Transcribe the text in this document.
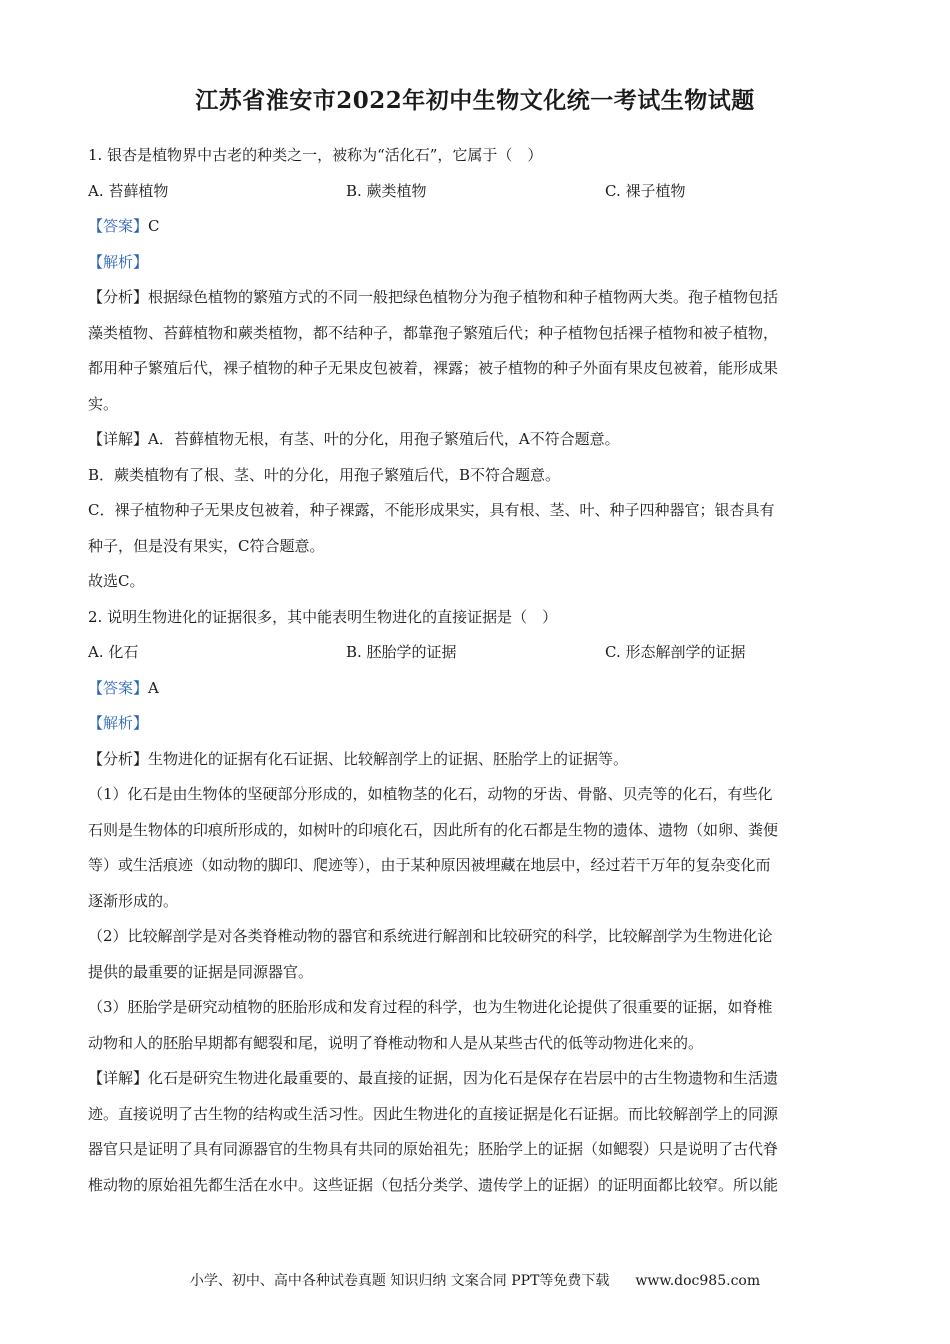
江苏省淮安市2022年初中生物文化统一考试生物试题
1. 银杏是植物界中古老的种类之一，被称为“活化石”，它属于（　）
A. 苔藓植物	B. 蕨类植物	C. 裸子植物
【答案】C
【解析】
【分析】根据绿色植物的繁殖方式的不同一般把绿色植物分为孢子植物和种子植物两大类。孢子植物包括
藻类植物、苔藓植物和蕨类植物，都不结种子，都靠孢子繁殖后代；种子植物包括裸子植物和被子植物，
都用种子繁殖后代，裸子植物的种子无果皮包被着，裸露；被子植物的种子外面有果皮包被着，能形成果
实。
【详解】A．苔藓植物无根，有茎、叶的分化，用孢子繁殖后代，A不符合题意。
B．蕨类植物有了根、茎、叶的分化，用孢子繁殖后代，B不符合题意。
C．裸子植物种子无果皮包被着，种子裸露，不能形成果实，具有根、茎、叶、种子四种器官；银杏具有
种子，但是没有果实，C符合题意。
故选C。
2. 说明生物进化的证据很多，其中能表明生物进化的直接证据是（　）
A. 化石	B. 胚胎学的证据	C. 形态解剖学的证据
【答案】A
【解析】
【分析】生物进化的证据有化石证据、比较解剖学上的证据、胚胎学上的证据等。
（1）化石是由生物体的坚硬部分形成的，如植物茎的化石，动物的牙齿、骨骼、贝壳等的化石，有些化
石则是生物体的印痕所形成的，如树叶的印痕化石，因此所有的化石都是生物的遗体、遗物（如卵、粪便
等）或生活痕迹（如动物的脚印、爬迹等），由于某种原因被埋藏在地层中，经过若干万年的复杂变化而
逐渐形成的。
（2）比较解剖学是对各类脊椎动物的器官和系统进行解剖和比较研究的科学，比较解剖学为生物进化论
提供的最重要的证据是同源器官。
（3）胚胎学是研究动植物的胚胎形成和发育过程的科学，也为生物进化论提供了很重要的证据，如脊椎
动物和人的胚胎早期都有鳃裂和尾，说明了脊椎动物和人是从某些古代的低等动物进化来的。
【详解】化石是研究生物进化最重要的、最直接的证据，因为化石是保存在岩层中的古生物遗物和生活遗
迹。直接说明了古生物的结构或生活习性。因此生物进化的直接证据是化石证据。而比较解剖学上的同源
器官只是证明了具有同源器官的生物具有共同的原始祖先；胚胎学上的证据（如鳃裂）只是说明了古代脊
椎动物的原始祖先都生活在水中。这些证据（包括分类学、遗传学上的证据）的证明面都比较窄。所以能
小学、初中、高中各种试卷真题 知识归纳 文案合同 PPT等免费下载 www.doc985.com
